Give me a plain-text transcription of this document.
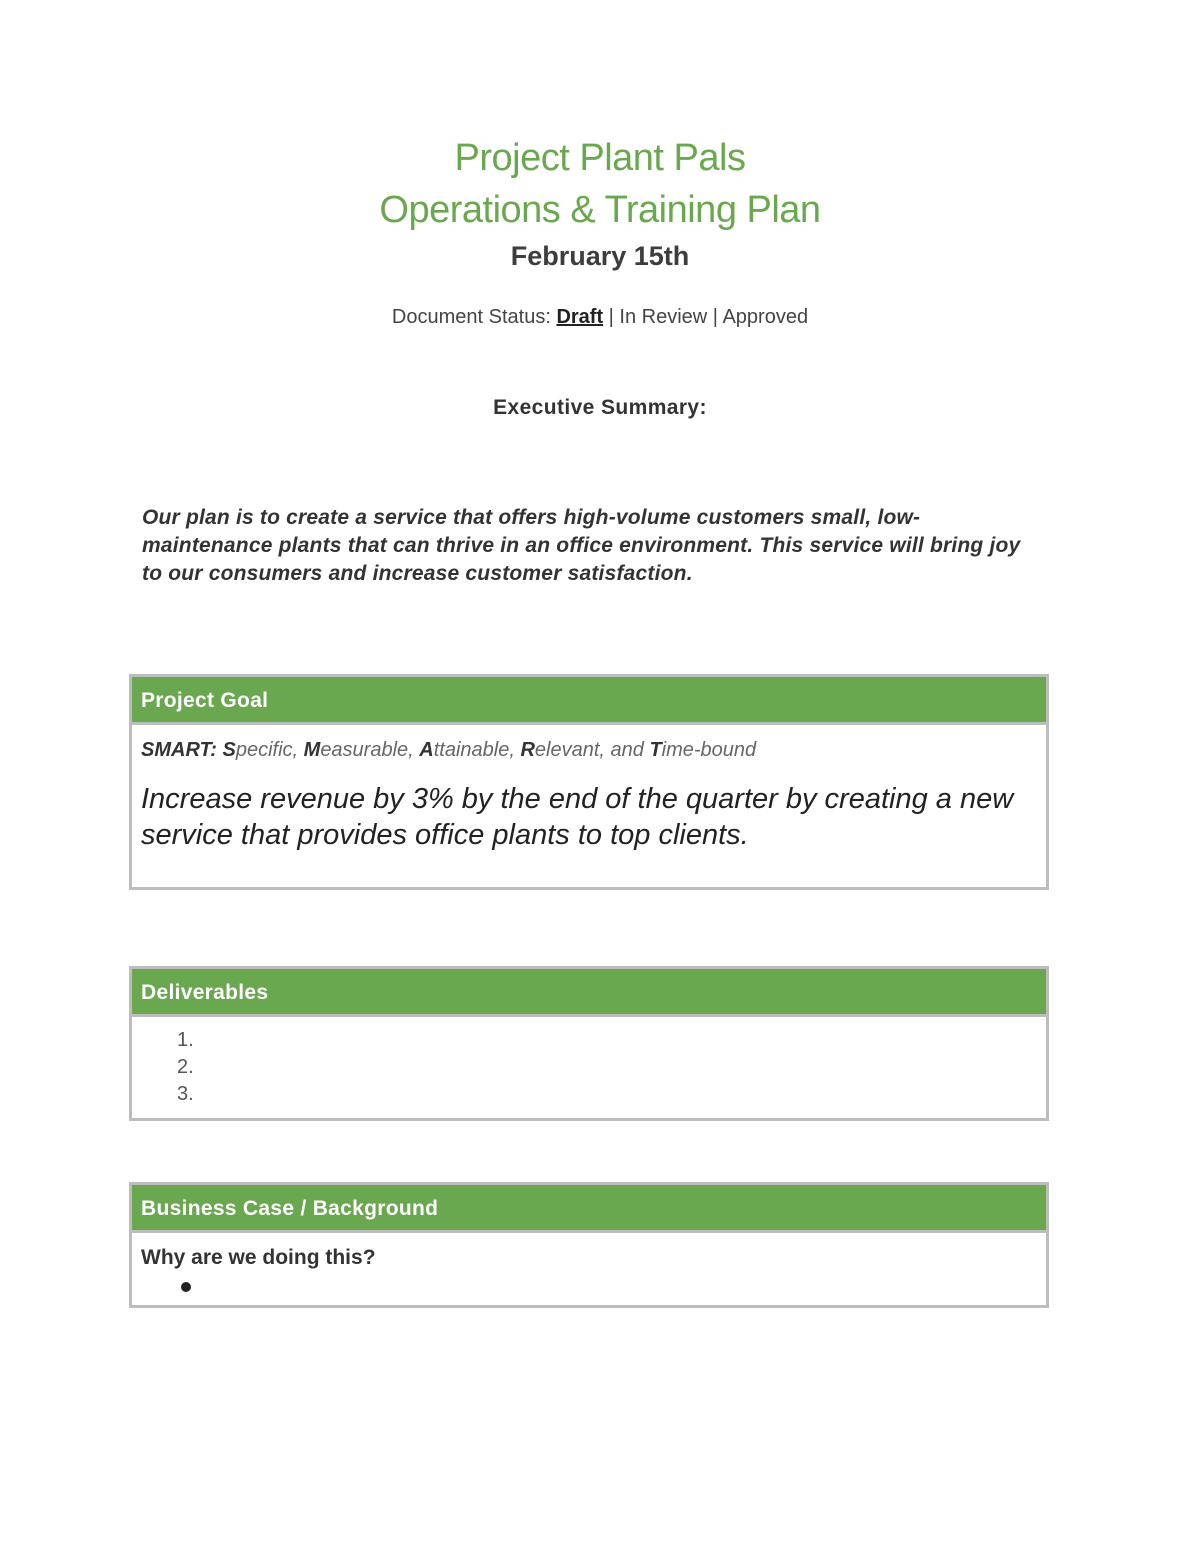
Project Plant Pals
Operations & Training Plan
February 15th
Document Status: Draft | In Review | Approved
Executive Summary:
Our plan is to create a service that offers high-volume customers small, low-maintenance plants that can thrive in an office environment. This service will bring joy to our consumers and increase customer satisfaction.
Project Goal
SMART: Specific, Measurable, Attainable, Relevant, and Time-bound
Increase revenue by 3% by the end of the quarter by creating a new service that provides office plants to top clients.
Deliverables
1.
2.
3.
Business Case / Background
Why are we doing this?
